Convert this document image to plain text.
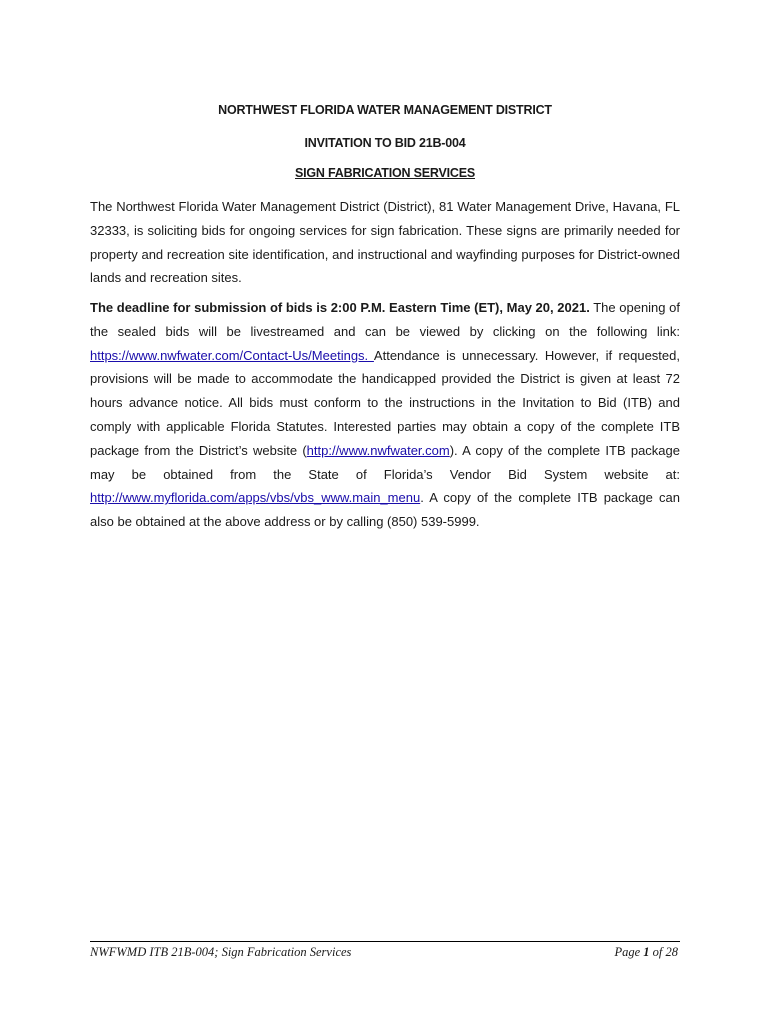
NORTHWEST FLORIDA WATER MANAGEMENT DISTRICT
INVITATION TO BID 21B-004
SIGN FABRICATION SERVICES
The Northwest Florida Water Management District (District), 81 Water Management Drive, Havana, FL 32333, is soliciting bids for ongoing services for sign fabrication. These signs are primarily needed for property and recreation site identification, and instructional and wayfinding purposes for District-owned lands and recreation sites.
The deadline for submission of bids is 2:00 P.M. Eastern Time (ET), May 20, 2021. The opening of the sealed bids will be livestreamed and can be viewed by clicking on the following link: https://www.nwfwater.com/Contact-Us/Meetings. Attendance is unnecessary. However, if requested, provisions will be made to accommodate the handicapped provided the District is given at least 72 hours advance notice. All bids must conform to the instructions in the Invitation to Bid (ITB) and comply with applicable Florida Statutes. Interested parties may obtain a copy of the complete ITB package from the District’s website (http://www.nwfwater.com). A copy of the complete ITB package may be obtained from the State of Florida’s Vendor Bid System website at: http://www.myflorida.com/apps/vbs/vbs_www.main_menu. A copy of the complete ITB package can also be obtained at the above address or by calling (850) 539-5999.
NWFWMD ITB 21B-004; Sign Fabrication Services	Page 1 of 28
